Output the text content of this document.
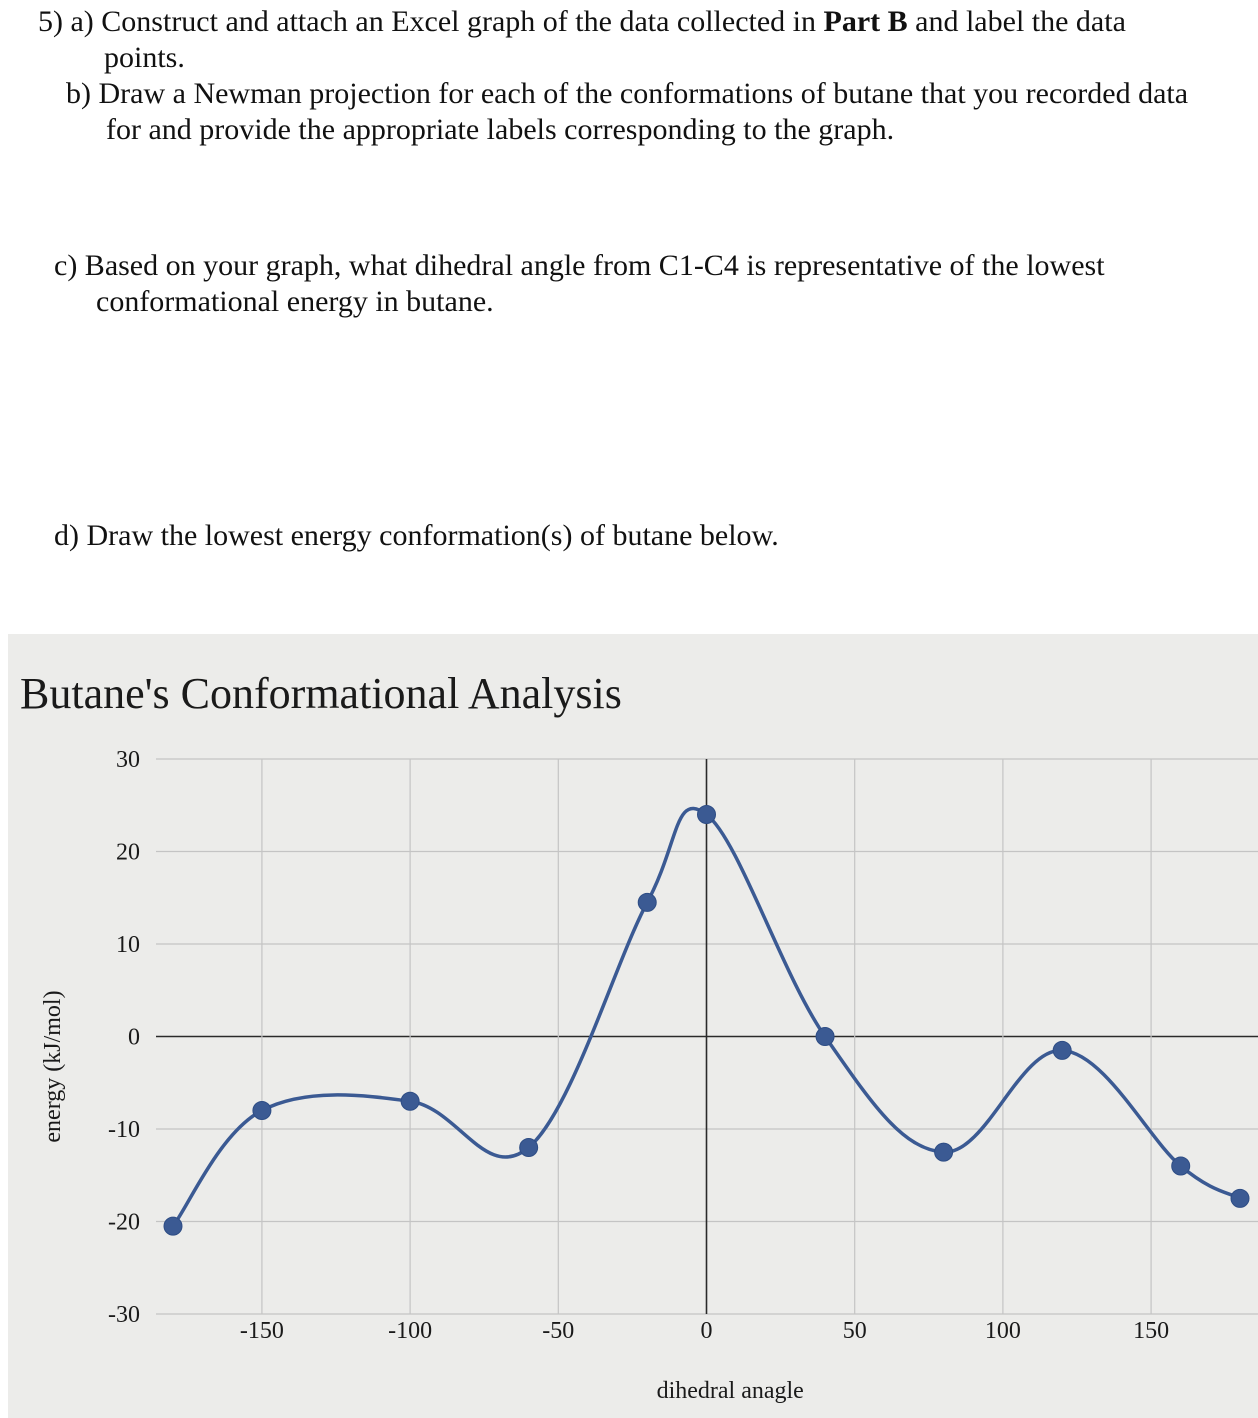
5) a) Construct and attach an Excel graph of the data collected in Part B and label the data
points.
b) Draw a Newman projection for each of the conformations of butane that you recorded data
for and provide the appropriate labels corresponding to the graph.
c) Based on your graph, what dihedral angle from C1-C4 is representative of the lowest
conformational energy in butane.
d) Draw the lowest energy conformation(s) of butane below.
Butane's Conformational Analysis
30
20
10
0
-10
-20
-30
-150	-100	-50	0	50	100	150
energy (kJ/mol)
dihedral anagle
